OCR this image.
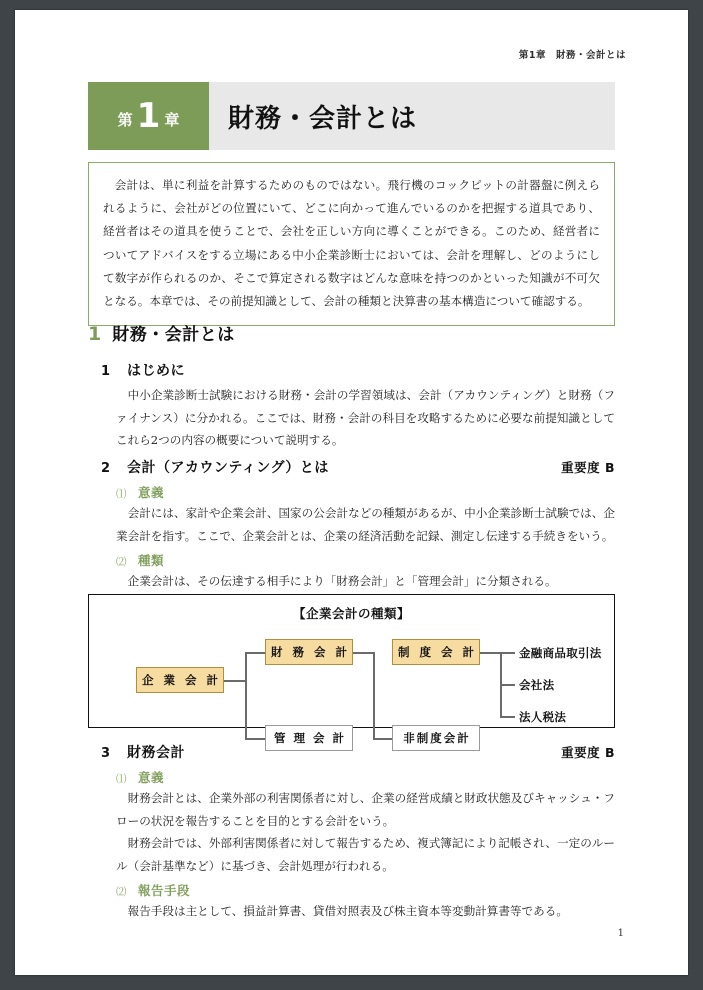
第1章　財務・会計とは
第 1 章 財務・会計とは

会計は、単に利益を計算するためのものではない。飛行機のコックピットの計器盤に例えられるように、会社がどの位置にいて、どこに向かって進んでいるのかを把握する道具であり、経営者はその道具を使うことで、会社を正しい方向に導くことができる。このため、経営者についてアドバイスをする立場にある中小企業診断士においては、会計を理解し、どのようにして数字が作られるのか、そこで算定される数字はどんな意味を持つのかといった知識が不可欠となる。本章では、その前提知識として、会計の種類と決算書の基本構造について確認する。

1 財務・会計とは
1	はじめに
中小企業診断士試験における財務・会計の学習領域は、会計（アカウンティング）と財務（ファイナンス）に分かれる。ここでは、財務・会計の科目を攻略するために必要な前提知識としてこれら2つの内容の概要について説明する。
2	会計（アカウンティング）とは	重要度 B
⑴ 意義
会計には、家計や企業会計、国家の公会計などの種類があるが、中小企業診断士試験では、企業会計を指す。ここで、企業会計とは、企業の経済活動を記録、測定し伝達する手続きをいう。
⑵ 種類
企業会計は、その伝達する相手により「財務会計」と「管理会計」に分類される。
【企業会計の種類】
企 業 会 計
財 務 会 計
管 理 会 計
制 度 会 計
非制度会計
金融商品取引法
会社法
法人税法
3	財務会計	重要度 B
⑴ 意義
財務会計とは、企業外部の利害関係者に対し、企業の経営成績と財政状態及びキャッシュ・フローの状況を報告することを目的とする会計をいう。
財務会計では、外部利害関係者に対して報告するため、複式簿記により記帳され、一定のルール（会計基準など）に基づき、会計処理が行われる。
⑵ 報告手段
報告手段は主として、損益計算書、貸借対照表及び株主資本等変動計算書等である。
1
